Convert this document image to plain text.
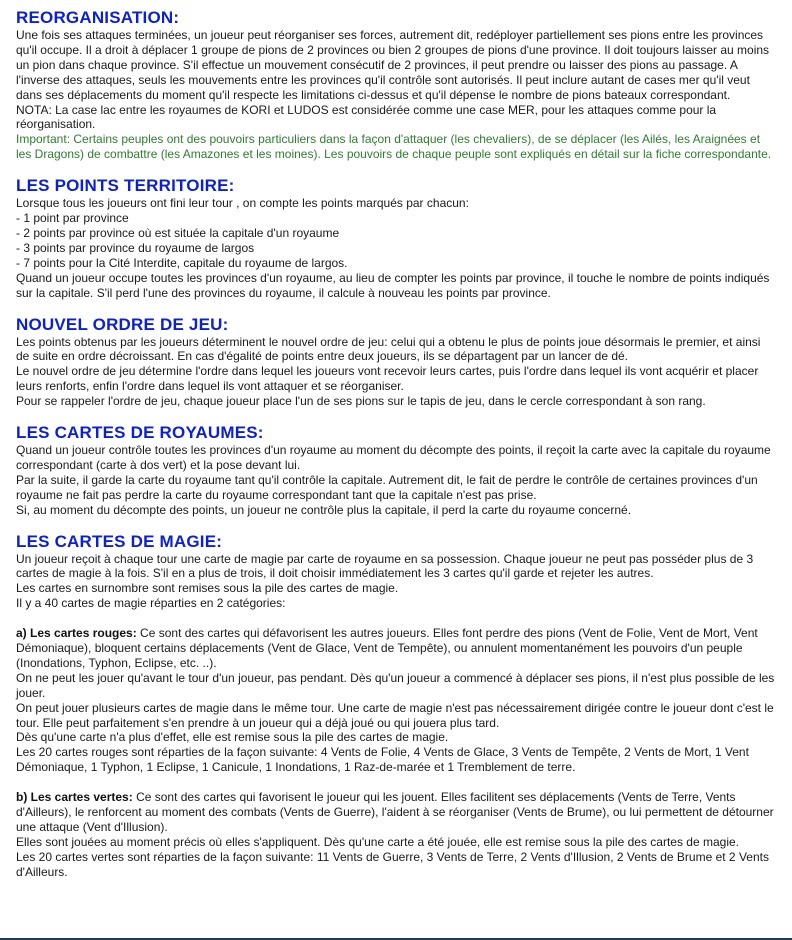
REORGANISATION:

Une fois ses attaques terminées, un joueur peut réorganiser ses forces, autrement dit, redéployer partiellement ses pions entre les provinces qu'il occupe. Il a droit à déplacer 1 groupe de pions de 2 provinces ou bien 2 groupes de pions d'une province. Il doit toujours laisser au moins un pion dans chaque province. S'il effectue un mouvement consécutif de 2 provinces, il peut prendre ou laisser des pions au passage. A l'inverse des attaques, seuls les mouvements entre les provinces qu'il contrôle sont autorisés. Il peut inclure autant de cases mer qu'il veut dans ses déplacements du moment qu'il respecte les limitations ci-dessus et qu'il dépense le nombre de pions bateaux correspondant.

NOTA: La case lac entre les royaumes de KORI et LUDOS est considérée comme une case MER, pour les attaques comme pour la réorganisation.

Important: Certains peuples ont des pouvoirs particuliers dans la façon d'attaquer (les chevaliers), de se déplacer (les Ailés, les Araignées et les Dragons) de combattre (les Amazones et les moines). Les pouvoirs de chaque peuple sont expliqués en détail sur la fiche correspondante.

LES POINTS TERRITOIRE:

Lorsque tous les joueurs ont fini leur tour , on compte les points marqués par chacun:

- 1 point par province

- 2 points par province où est située la capitale d'un royaume

- 3 points par province du royaume de largos

- 7 points pour la Cité Interdite, capitale du royaume de largos.

Quand un joueur occupe toutes les provinces d'un royaume, au lieu de compter les points par province, il touche le nombre de points indiqués sur la capitale. S'il perd l'une des provinces du royaume, il calcule à nouveau les points par province.

NOUVEL ORDRE DE JEU:

Les points obtenus par les joueurs déterminent le nouvel ordre de jeu: celui qui a obtenu le plus de points joue désormais le premier, et ainsi de suite en ordre décroissant. En cas d'égalité de points entre deux joueurs, ils se départagent par un lancer de dé.

Le nouvel ordre de jeu détermine l'ordre dans lequel les joueurs vont recevoir leurs cartes, puis l'ordre dans lequel ils vont acquérir et placer leurs renforts, enfin l'ordre dans lequel ils vont attaquer et se réorganiser.

Pour se rappeler l'ordre de jeu, chaque joueur place l'un de ses pions sur le tapis de jeu, dans le cercle correspondant à son rang.

LES CARTES DE ROYAUMES:

Quand un joueur contrôle toutes les provinces d'un royaume au moment du décompte des points, il reçoit la carte avec la capitale du royaume correspondant (carte à dos vert) et la pose devant lui.

Par la suite, il garde la carte du royaume tant qu'il contrôle la capitale. Autrement dit, le fait de perdre le contrôle de certaines provinces d'un royaume ne fait pas perdre la carte du royaume correspondant tant que la capitale n'est pas prise.

Si, au moment du décompte des points, un joueur ne contrôle plus la capitale, il perd la carte du royaume concerné.

LES CARTES DE MAGIE:

Un joueur reçoit à chaque tour une carte de magie par carte de royaume en sa possession. Chaque joueur ne peut pas posséder plus de 3 cartes de magie à la fois. S'il en a plus de trois, il doit choisir immédiatement les 3 cartes qu'il garde et rejeter les autres.

Les cartes en surnombre sont remises sous la pile des cartes de magie.

Il y a 40 cartes de magie réparties en 2 catégories:

a) Les cartes rouges: Ce sont des cartes qui défavorisent les autres joueurs. Elles font perdre des pions (Vent de Folie, Vent de Mort, Vent Démoniaque), bloquent certains déplacements (Vent de Glace, Vent de Tempête), ou annulent momentanément les pouvoirs d'un peuple (Inondations, Typhon, Eclipse, etc. ..).

On ne peut les jouer qu'avant le tour d'un joueur, pas pendant. Dès qu'un joueur a commencé à déplacer ses pions, il n'est plus possible de les jouer.

On peut jouer plusieurs cartes de magie dans le même tour. Une carte de magie n'est pas nécessairement dirigée contre le joueur dont c'est le tour. Elle peut parfaitement s'en prendre à un joueur qui a déjà joué ou qui jouera plus tard.

Dès qu'une carte n'a plus d'effet, elle est remise sous la pile des cartes de magie.

Les 20 cartes rouges sont réparties de la façon suivante: 4 Vents de Folie, 4 Vents de Glace, 3 Vents de Tempête, 2 Vents de Mort, 1 Vent Démoniaque, 1 Typhon, 1 Eclipse, 1 Canicule, 1 Inondations, 1 Raz-de-marée et 1 Tremblement de terre.

b) Les cartes vertes: Ce sont des cartes qui favorisent le joueur qui les jouent. Elles facilitent ses déplacements (Vents de Terre, Vents d'Ailleurs), le renforcent au moment des combats (Vents de Guerre), l'aident à se réorganiser (Vents de Brume), ou lui permettent de détourner une attaque (Vent d'Illusion).

Elles sont jouées au moment précis où elles s'appliquent. Dès qu'une carte a été jouée, elle est remise sous la pile des cartes de magie.

Les 20 cartes vertes sont réparties de la façon suivante: 11 Vents de Guerre, 3 Vents de Terre, 2 Vents d'Illusion, 2 Vents de Brume et 2 Vents d'Ailleurs.
